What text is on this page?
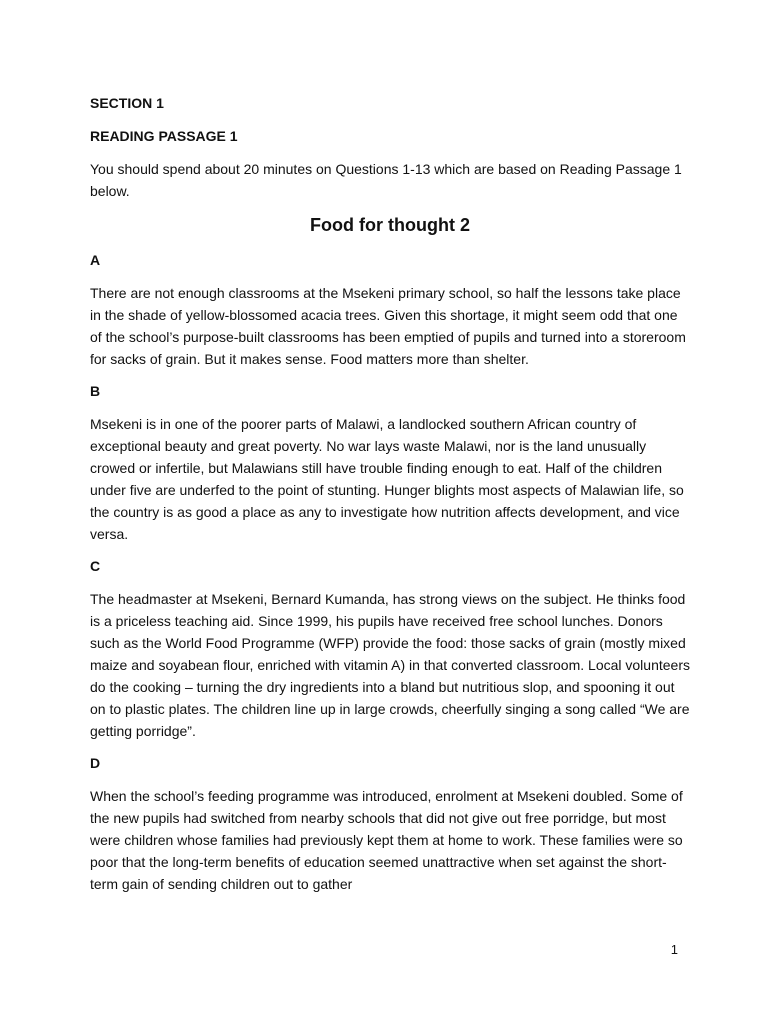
SECTION 1

READING PASSAGE 1

You should spend about 20 minutes on Questions 1-13 which are based on Reading Passage 1 below.

Food for thought 2

A

There are not enough classrooms at the Msekeni primary school, so half the lessons take place in the shade of yellow-blossomed acacia trees. Given this shortage, it might seem odd that one of the school’s purpose-built classrooms has been emptied of pupils and turned into a storeroom for sacks of grain. But it makes sense. Food matters more than shelter.

B

Msekeni is in one of the poorer parts of Malawi, a landlocked southern African country of exceptional beauty and great poverty. No war lays waste Malawi, nor is the land unusually crowed or infertile, but Malawians still have trouble finding enough to eat. Half of the children under five are underfed to the point of stunting. Hunger blights most aspects of Malawian life, so the country is as good a place as any to investigate how nutrition affects development, and vice versa.

C

The headmaster at Msekeni, Bernard Kumanda, has strong views on the subject. He thinks food is a priceless teaching aid. Since 1999, his pupils have received free school lunches. Donors such as the World Food Programme (WFP) provide the food: those sacks of grain (mostly mixed maize and soyabean flour, enriched with vitamin A) in that converted classroom. Local volunteers do the cooking – turning the dry ingredients into a bland but nutritious slop, and spooning it out on to plastic plates. The children line up in large crowds, cheerfully singing a song called “We are getting porridge”.

D

When the school’s feeding programme was introduced, enrolment at Msekeni doubled. Some of the new pupils had switched from nearby schools that did not give out free porridge, but most were children whose families had previously kept them at home to work. These families were so poor that the long-term benefits of education seemed unattractive when set against the short-term gain of sending children out to gather

1
